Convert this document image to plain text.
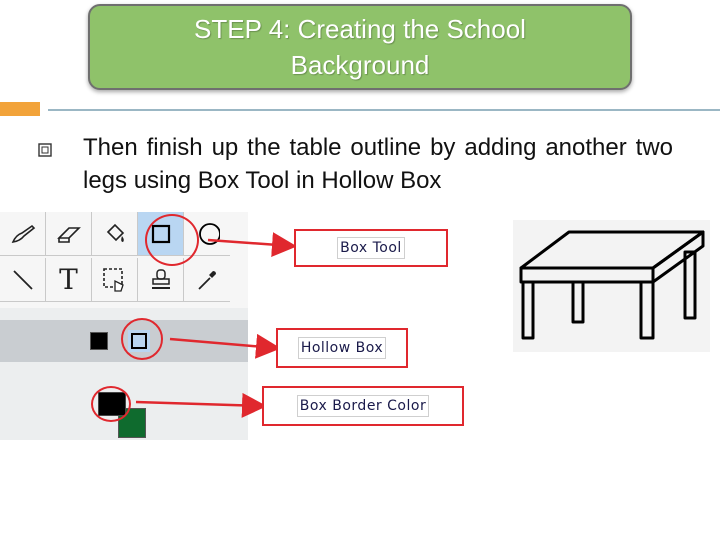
STEP 4: Creating the School
Background
Then finish up the table outline by adding another two legs using Box Tool in Hollow Box
T
Box Tool
Hollow Box
Box Border Color
